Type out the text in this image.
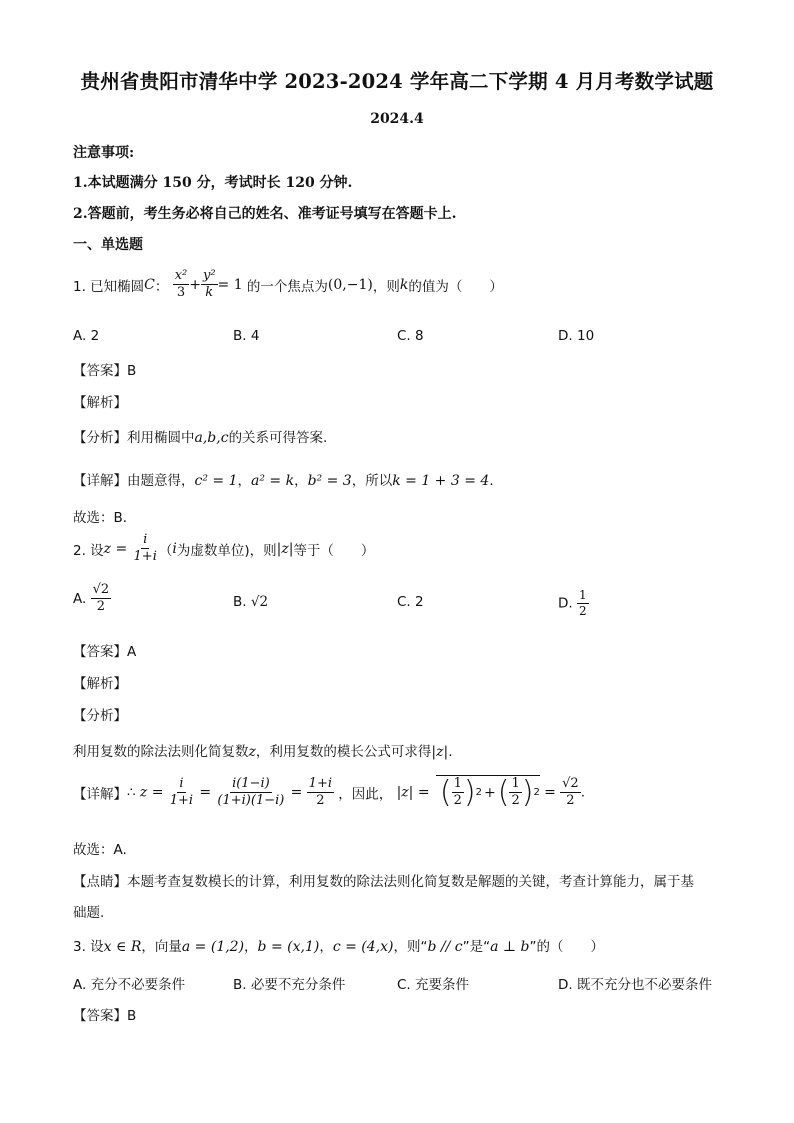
贵州省贵阳市清华中学 2023-2024 学年高二下学期 4 月月考数学试题
2024.4
注意事项:
1.本试题满分 150 分，考试时长 120 分钟.
2.答题前，考生务必将自己的姓名、准考证号填写在答题卡上.
一、单选题
1. 已知椭圆C： $\frac{\text{x²}}{3} + \frac{\text{y²}}{k} = 1$ 的一个焦点为(0,−1)，则k的值为（　　）
A. 2	B. 4	C. 8	D. 10
【答案】B
【解析】
【分析】利用椭圆中a,b,c的关系可得答案.
【详解】由题意得，c² = 1，a² = k，b² = 3，所以k = 1 + 3 = 4．
故选：B．
2. 设$z = \frac{i}{1+i} (i$为虚数单位)，则|z|等于（　　）
A. $\frac{√2}{2}$	B. √2	C. 2	D. $\frac{1}{2}$
【答案】A
【解析】
【分析】
利用复数的除法法则化简复数z，利用复数的模长公式可求得|z|.
【详解】∴ $z = \frac{i}{1+i} = \frac{i(1-i)}{(1+i)(1-i)} = \frac{1+i}{2}$ ，因此， |z| = ( $\frac{1}{2}$ ) 2 + ( $\frac{1}{2}$ ) $2 = \frac{√2}{2}$ .
故选：A.
【点睛】本题考查复数模长的计算，利用复数的除法法则化简复数是解题的关键，考查计算能力，属于基
础题.
3. 设x ∈ R，向量a = (1,2)，b = (x,1)，c = (4,x)，则“b // c”是“a ⊥ b”的（　　）
A. 充分不必要条件	B. 必要不充分条件	C. 充要条件	D. 既不充分也不必要条件
【答案】B
